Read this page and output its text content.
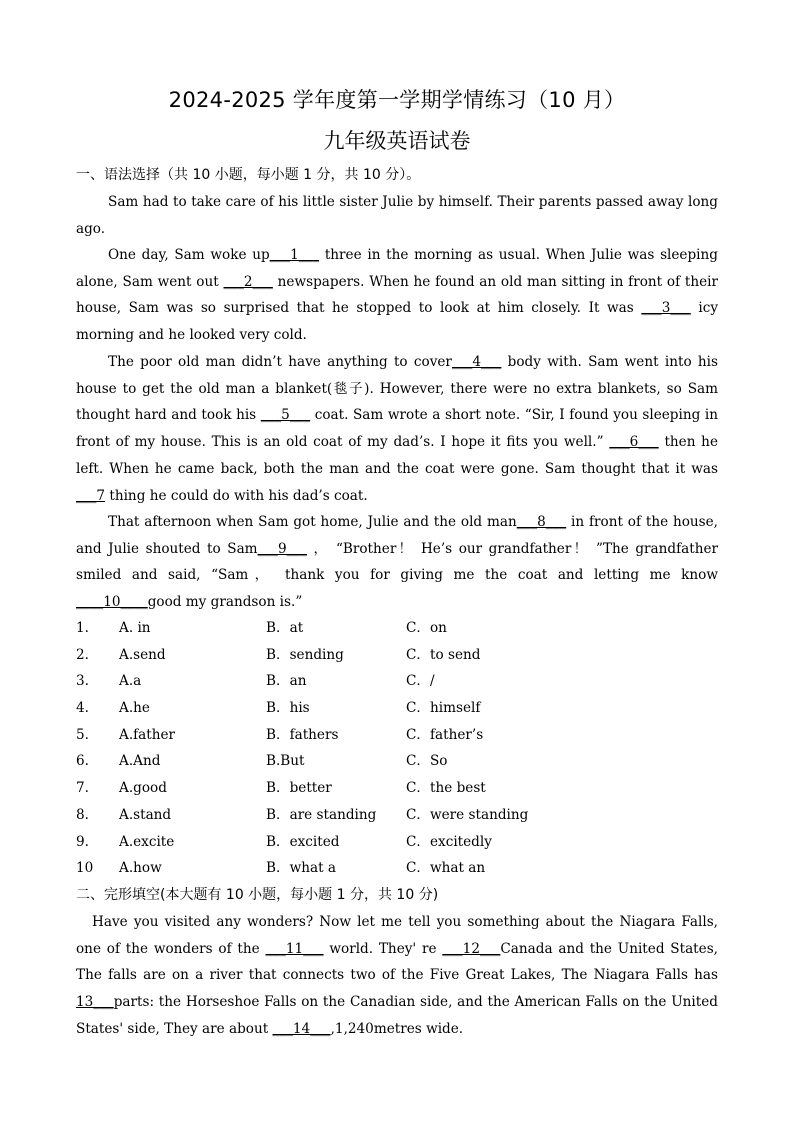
2024-2025 学年度第一学期学情练习（10 月）
九年级英语试卷
一、语法选择（共 10 小题，每小题 1 分，共 10 分）。

Sam had to take care of his little sister Julie by himself. Their parents passed away long ago.

One day, Sam woke up___1___ three in the morning as usual. When Julie was sleeping alone, Sam went out ___2___ newspapers. When he found an old man sitting in front of their house, Sam was so surprised that he stopped to look at him closely. It was ___3___ icy morning and he looked very cold.

The poor old man didn’t have anything to cover___4___ body with. Sam went into his house to get the old man a blanket(毯子). However, there were no extra blankets, so Sam thought hard and took his ___5___ coat. Sam wrote a short note. “Sir, I found you sleeping in front of my house. This is an old coat of my dad’s. I hope it fits you well.” ___6___ then he left. When he came back, both the man and the coat were gone. Sam thought that it was ___7 thing he could do with his dad’s coat.

That afternoon when Sam got home, Julie and the old man___8___ in front of the house, and Julie shouted to Sam___9___ ， “Brother！ He’s our grandfather！ ”The grandfather smiled and said, “Sam， thank you for giving me the coat and letting me know ____10____good my grandson is.”

1. A. in	B．at	C．on
2. A.send	B．sending	C．to send
3. A.a	B．an	C．/
4. A.he	B．his	C．himself
5. A.father	B．fathers	C．father’s
6. A.And	B.But	C．So
7. A.good	B．better	C．the best
8. A.stand	B．are standing C．were standing
9. A.excite	B．excited	C．excitedly
10 A.how	B．what a	C．what an
二、完形填空(本大题有 10 小题，每小题 1 分，共 10 分)

Have you visited any wonders? Now let me tell you something about the Niagara Falls, one of the wonders of the ___11___ world. They' re ___12___Canada and the United States, The falls are on a river that connects two of the Five Great Lakes, The Niagara Falls has 13___parts: the Horseshoe Falls on the Canadian side, and the American Falls on the United States' side, They are about ___14___,1,240metres wide.
